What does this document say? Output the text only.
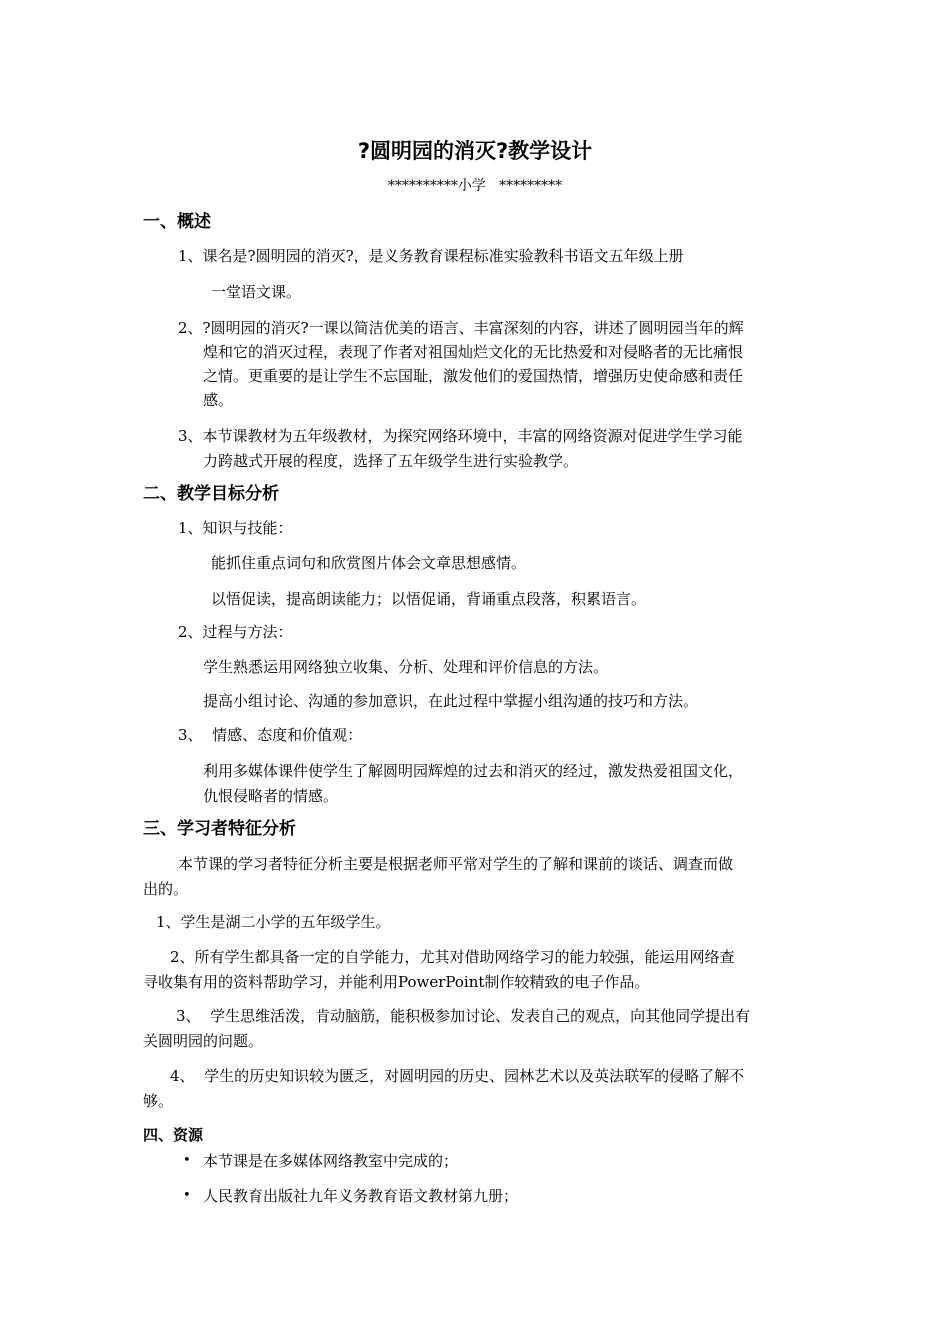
?圆明园的消灭?教学设计
**********小学   *********
一、概述
1、课名是?圆明园的消灭?，是义务教育课程标准实验教科书语文五年级上册
一堂语文课。
2、?圆明园的消灭?一课以简洁优美的语言、丰富深刻的内容，讲述了圆明园当年的辉
煌和它的消灭过程，表现了作者对祖国灿烂文化的无比热爱和对侵略者的无比痛恨
之情。更重要的是让学生不忘国耻，激发他们的爱国热情，增强历史使命感和责任
感。
3、本节课教材为五年级教材，为探究网络环境中，丰富的网络资源对促进学生学习能
力跨越式开展的程度，选择了五年级学生进行实验教学。
二、教学目标分析
1、知识与技能：
能抓住重点词句和欣赏图片体会文章思想感情。
以悟促读，提高朗读能力；以悟促诵，背诵重点段落，积累语言。
2、过程与方法：
学生熟悉运用网络独立收集、分析、处理和评价信息的方法。
提高小组讨论、沟通的参加意识，在此过程中掌握小组沟通的技巧和方法。
3、  情感、态度和价值观：
利用多媒体课件使学生了解圆明园辉煌的过去和消灭的经过，激发热爱祖国文化，
仇恨侵略者的情感。
三、学习者特征分析
本节课的学习者特征分析主要是根据老师平常对学生的了解和课前的谈话、调查而做
出的。
1、学生是湖二小学的五年级学生。
2、所有学生都具备一定的自学能力，尤其对借助网络学习的能力较强，能运用网络查
寻收集有用的资料帮助学习，并能利用PowerPoint制作较精致的电子作品。
3、  学生思维活泼，肯动脑筋，能积极参加讨论、发表自己的观点，向其他同学提出有
关圆明园的问题。
4、  学生的历史知识较为匮乏，对圆明园的历史、园林艺术以及英法联军的侵略了解不
够。
四、资源
• 本节课是在多媒体网络教室中完成的；
• 人民教育出版社九年义务教育语文教材第九册；
